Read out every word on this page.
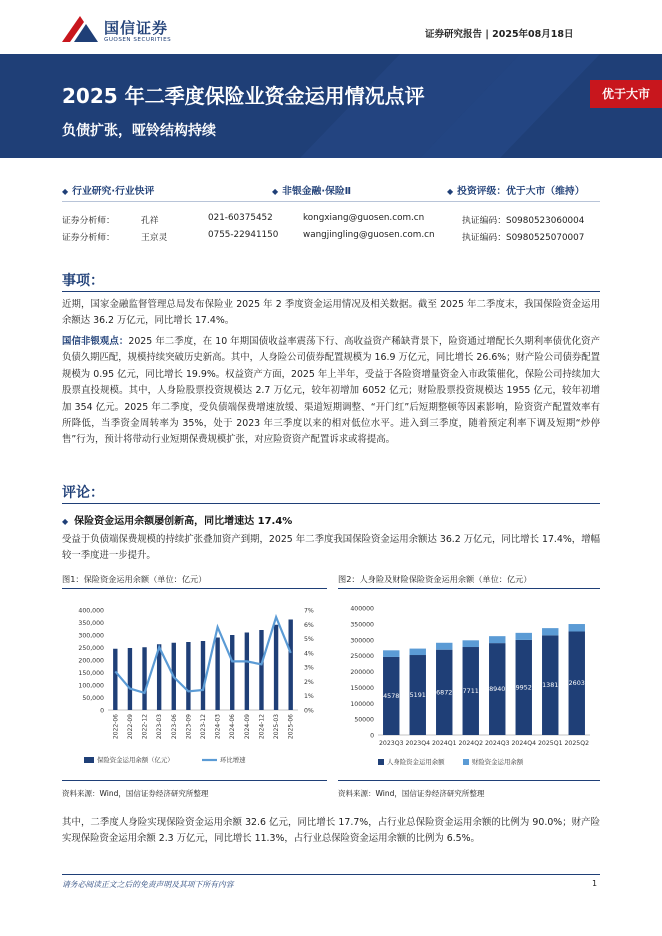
国信证券
GUOSEN SECURITIES	证券研究报告 | 2025年08月18日
2025 年二季度保险业资金运用情况点评
负债扩张，哑铃结构持续
优于大市
◆ 行业研究·行业快评	◆ 非银金融·保险Ⅱ	◆ 投资评级：优于大市（维持）
证券分析师：	孔祥	021-60375452	kongxiang@guosen.com.cn	执证编码：S0980523060004
证券分析师：	王京灵	0755-22941150	wangjingling@guosen.com.cn	执证编码：S0980525070007
事项：
近期，国家金融监督管理总局发布保险业 2025 年 2 季度资金运用情况及相关数据。截至 2025 年二季度末，我国保险资金运用余额达 36.2 万亿元，同比增长 17.4%。
国信非银观点：2025 年二季度，在 10 年期国债收益率震荡下行、高收益资产稀缺背景下，险资通过增配长久期利率债优化资产负债久期匹配，规模持续突破历史新高。其中，人身险公司债券配置规模为 16.9 万亿元，同比增长 26.6%；财产险公司债券配置规模为 0.95 亿元，同比增长 19.9%。权益资产方面，2025 年上半年，受益于各险资增量资金入市政策催化，保险公司持续加大股票直投规模。其中，人身险股票投资规模达 2.7 万亿元，较年初增加 6052 亿元；财险股票投资规模达 1955 亿元，较年初增加 354 亿元。2025 年二季度，受负债端保费增速放缓、渠道短期调整、“开门红”后短期整顿等因素影响，险资资产配置效率有所降低，当季资金周转率为 35%，处于 2023 年三季度以来的相对低位水平。进入到三季度，随着预定利率下调及短期“炒停售”行为，预计将带动行业短期保费规模扩张，对应险资资产配置诉求或将提高。
评论：
◆ 保险资金运用余额屡创新高，同比增速达 17.4%
受益于负债端保费规模的持续扩张叠加资产到期，2025 年二季度我国保险资金运用余额达 36.2 万亿元，同比增长 17.4%，增幅较一季度进一步提升。
图1：保险资金运用余额（单位：亿元）
400,000
350,000
300,000
250,000
200,000
150,000
100,000
50,000
0
7%
6%
5%
4%
3%
2%
1%
0%
2022-06 2022-09 2022-12 2023-03 2023-06 2023-09 2023-12 2024-03 2024-06 2024-09 2024-12 2025-03 2025-06
保险资金运用余额（亿元）	环比增速
资料来源：Wind，国信证券经济研究所整理
图2：人身险及财险保险资金运用余额（单位：亿元）
400000
350000
300000
250000
200000
150000
100000
50000
0
4578
2095
2023Q3
5191
2026
2023Q4
6872
2176
2024Q1
7711
2109
2024Q2
8940
2189
2024Q3
9952
2220
2024Q4
1381
2277
2025Q1
2603
2346
2025Q2
人身险资金运用余额	财险资金运用余额
资料来源：Wind，国信证券经济研究所整理
其中，二季度人身险实现保险资金运用余额 32.6 亿元，同比增长 17.7%，占行业总保险资金运用余额的比例为 90.0%；财产险实现保险资金运用余额 2.3 万亿元，同比增长 11.3%，占行业总保险资金运用余额的比例为 6.5%。
请务必阅读正文之后的免责声明及其项下所有内容	1
